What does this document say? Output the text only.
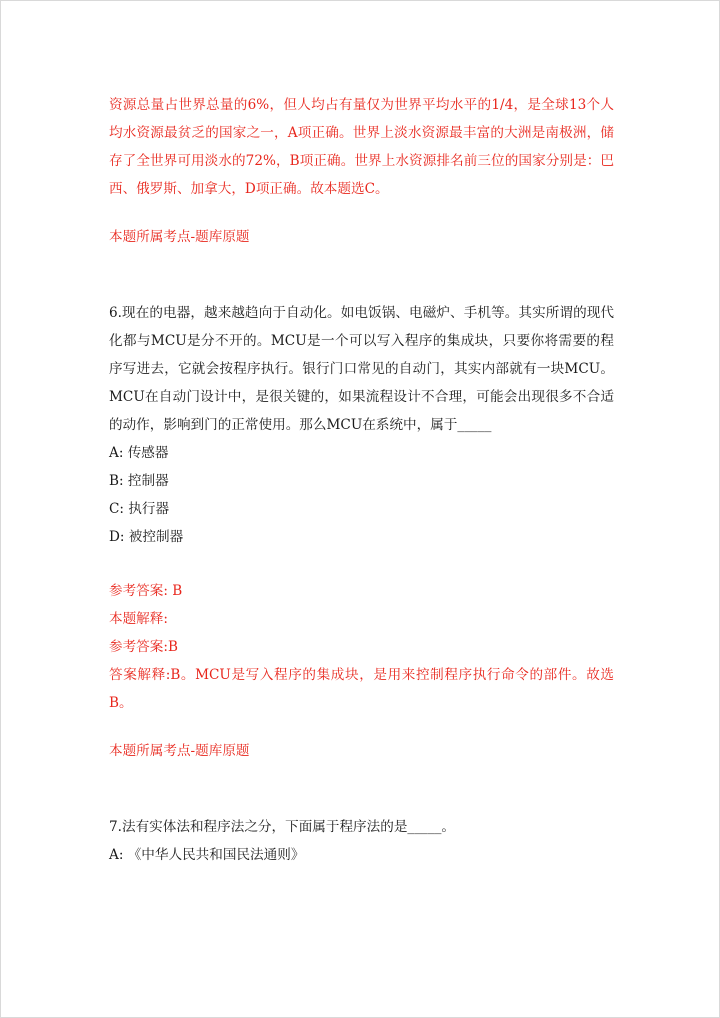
资源总量占世界总量的6%，但人均占有量仅为世界平均水平的1/4，是全球13个人均水资源最贫乏的国家之一，A项正确。世界上淡水资源最丰富的大洲是南极洲，储存了全世界可用淡水的72%，B项正确。世界上水资源排名前三位的国家分别是：巴西、俄罗斯、加拿大，D项正确。故本题选C。

本题所属考点-题库原题

6.现在的电器，越来越趋向于自动化。如电饭锅、电磁炉、手机等。其实所谓的现代化都与MCU是分不开的。MCU是一个可以写入程序的集成块，只要你将需要的程序写进去，它就会按程序执行。银行门口常见的自动门，其实内部就有一块MCU。MCU在自动门设计中，是很关键的，如果流程设计不合理，可能会出现很多不合适的动作，影响到门的正常使用。那么MCU在系统中，属于_____

A: 传感器

B: 控制器

C: 执行器

D: 被控制器

参考答案: B

本题解释:

参考答案:B

答案解释:B。MCU是写入程序的集成块，是用来控制程序执行命令的部件。故选B。

本题所属考点-题库原题

7.法有实体法和程序法之分，下面属于程序法的是_____。

A: 《中华人民共和国民法通则》
